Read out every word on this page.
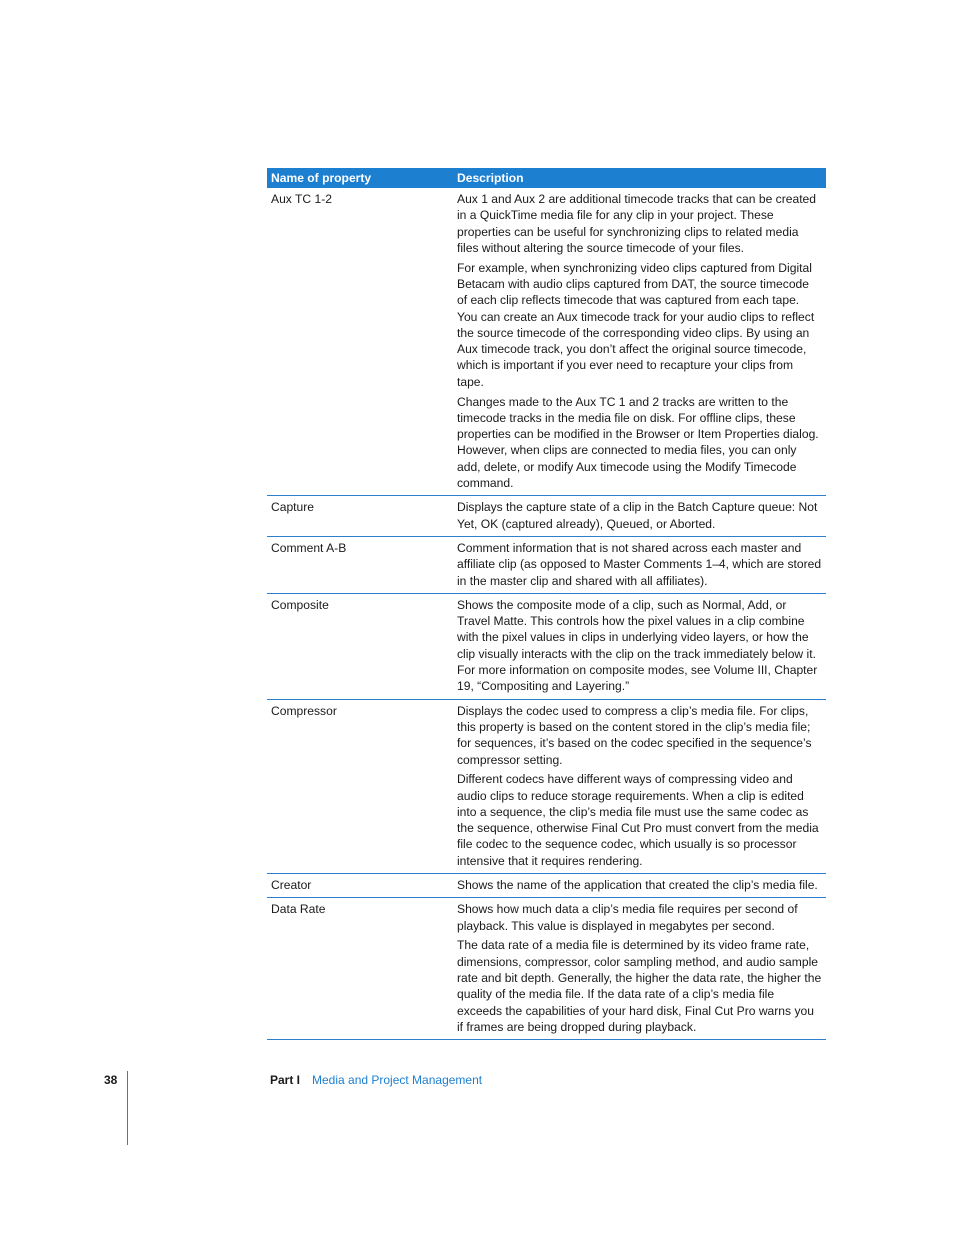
Name of property	Description
Aux TC 1-2	Aux 1 and Aux 2 are additional timecode tracks that can be created in a QuickTime media file for any clip in your project. These properties can be useful for synchronizing clips to related media files without altering the source timecode of your files.

For example, when synchronizing video clips captured from Digital Betacam with audio clips captured from DAT, the source timecode of each clip reflects timecode that was captured from each tape. You can create an Aux timecode track for your audio clips to reflect the source timecode of the corresponding video clips. By using an Aux timecode track, you don’t affect the original source timecode, which is important if you ever need to recapture your clips from tape.

Changes made to the Aux TC 1 and 2 tracks are written to the timecode tracks in the media file on disk. For offline clips, these properties can be modified in the Browser or Item Properties dialog. However, when clips are connected to media files, you can only add, delete, or modify Aux timecode using the Modify Timecode command.

Capture	Displays the capture state of a clip in the Batch Capture queue: Not Yet, OK (captured already), Queued, or Aborted.

Comment A-B	Comment information that is not shared across each master and affiliate clip (as opposed to Master Comments 1–4, which are stored in the master clip and shared with all affiliates).

Composite	Shows the composite mode of a clip, such as Normal, Add, or Travel Matte. This controls how the pixel values in a clip combine with the pixel values in clips in underlying video layers, or how the clip visually interacts with the clip on the track immediately below it. For more information on composite modes, see Volume III, Chapter 19, “Compositing and Layering.”

Compressor	Displays the codec used to compress a clip’s media file. For clips, this property is based on the content stored in the clip’s media file; for sequences, it’s based on the codec specified in the sequence’s compressor setting.

Different codecs have different ways of compressing video and audio clips to reduce storage requirements. When a clip is edited into a sequence, the clip’s media file must use the same codec as the sequence, otherwise Final Cut Pro must convert from the media file codec to the sequence codec, which usually is so processor intensive that it requires rendering.

Creator	Shows the name of the application that created the clip’s media file.

Data Rate	Shows how much data a clip’s media file requires per second of playback. This value is displayed in megabytes per second.

The data rate of a media file is determined by its video frame rate, dimensions, compressor, color sampling method, and audio sample rate and bit depth. Generally, the higher the data rate, the higher the quality of the media file. If the data rate of a clip’s media file exceeds the capabilities of your hard disk, Final Cut Pro warns you if frames are being dropped during playback.

38	Part I Media and Project Management
